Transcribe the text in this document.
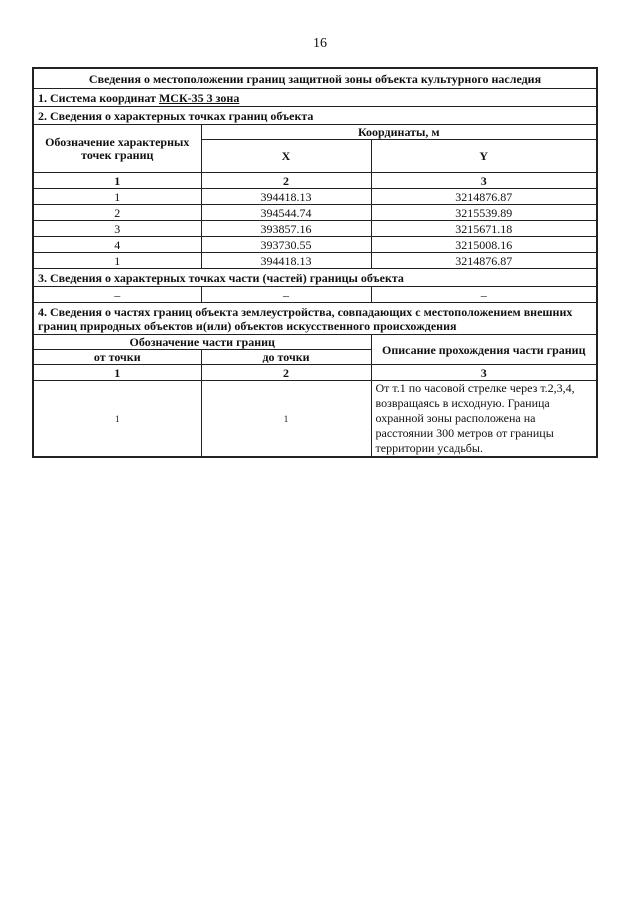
16
Сведения о местоположении границ защитной зоны объекта культурного наследия		
1. Система координат МСК-35 3 зона		
2. Сведения о характерных точках границ объекта		
Обозначение характерных точек границ	Координаты, м	
	X	Y
1	2	3
1	394418.13	3214876.87
2	394544.74	3215539.89
3	393857.16	3215671.18
4	393730.55	3215008.16
1	394418.13	3214876.87
3. Сведения о характерных точках части (частей) границы объекта		
–	–	–
4. Сведения о частях границ объекта землеустройства, совпадающих с местоположением внешних границ природных объектов и(или) объектов искусственного происхождения		
Обозначение части границ		Описание прохождения части границ
от точки	до точки	
1	2	3
1	1	От т.1 по часовой стрелке через т.2,3,4, возвращаясь в исходную. Граница охранной зоны расположена на расстоянии 300 метров от границы территории усадьбы.
